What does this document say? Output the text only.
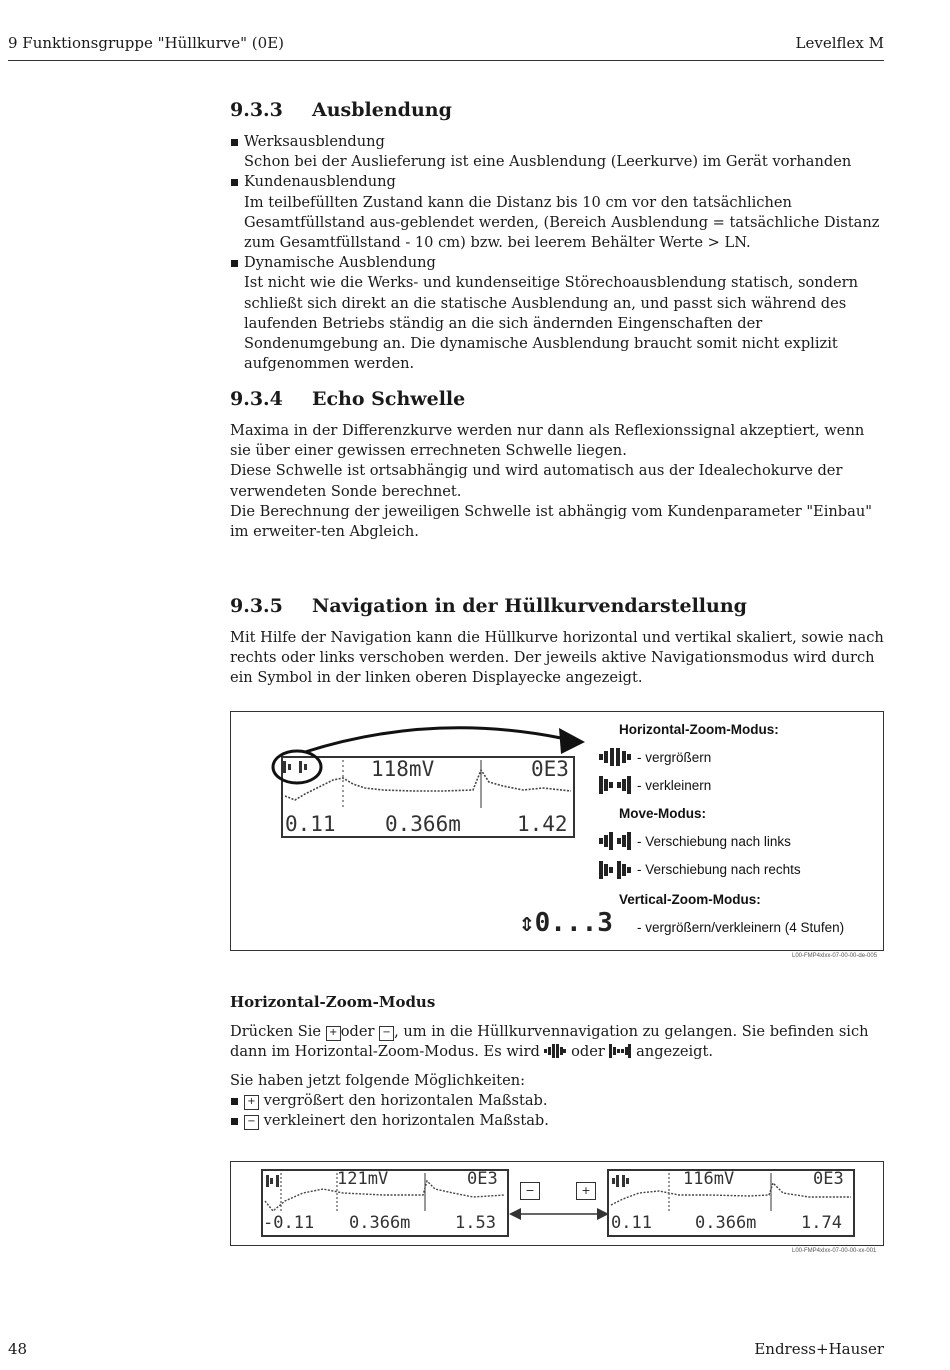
9 Funktionsgruppe "Hüllkurve" (0E)	Levelflex M
9.3.3 Ausblendung
Werksausblendung
Schon bei der Auslieferung ist eine Ausblendung (Leerkurve) im Gerät vorhanden
Kundenausblendung
Im teilbefüllten Zustand kann die Distanz bis 10 cm vor den tatsächlichen Gesamtfüllstand aus-geblendet werden, (Bereich Ausblendung = tatsächliche Distanz zum Gesamtfüllstand - 10 cm) bzw. bei leerem Behälter Werte > LN.
Dynamische Ausblendung
Ist nicht wie die Werks- und kundenseitige Störechoausblendung statisch, sondern schließt sich direkt an die statische Ausblendung an, und passt sich während des laufenden Betriebs ständig an die sich ändernden Eingenschaften der Sondenumgebung an. Die dynamische Ausblendung braucht somit nicht explizit aufgenommen werden.
9.3.4 Echo Schwelle

Maxima in der Differenzkurve werden nur dann als Reflexionssignal akzeptiert, wenn sie über einer gewissen errechneten Schwelle liegen.

Diese Schwelle ist ortsabhängig und wird automatisch aus der Idealechokurve der verwendeten Sonde berechnet.

Die Berechnung der jeweiligen Schwelle ist abhängig vom Kundenparameter "Einbau" im erweiter-ten Abgleich.

9.3.5 Navigation in der Hüllkurvendarstellung

Mit Hilfe der Navigation kann die Hüllkurve horizontal und vertikal skaliert, sowie nach rechts oder links verschoben werden. Der jeweils aktive Navigationsmodus wird durch ein Symbol in der linken oberen Displayecke angezeigt.

118mV	0E3
0.11 0.366m	1.42
Horizontal-Zoom-Modus:
- vergrößern
- verkleinern
Move-Modus:
- Verschiebung nach links
- Verschiebung nach rechts
Vertical-Zoom-Modus:
⇕0...3 - vergrößern/verkleinern (4 Stufen)
L00-FMP4xlxx-07-00-00-de-005
Horizontal-Zoom-Modus

Drücken Sie + oder − , um in die Hüllkurvennavigation zu gelangen. Sie befinden sich dann im Horizontal-Zoom-Modus. Es wird oder angezeigt.

Sie haben jetzt folgende Möglichkeiten:

+ vergrößert den horizontalen Maßstab.
− verkleinert den horizontalen Maßstab.
121mV	0E3
-0.11 0.366m	1.53
−	+
116mV	0E3
0.11	0.366m	1.74
L00-FMP4xlxx-07-00-00-xx-001
48	Endress+Hauser
